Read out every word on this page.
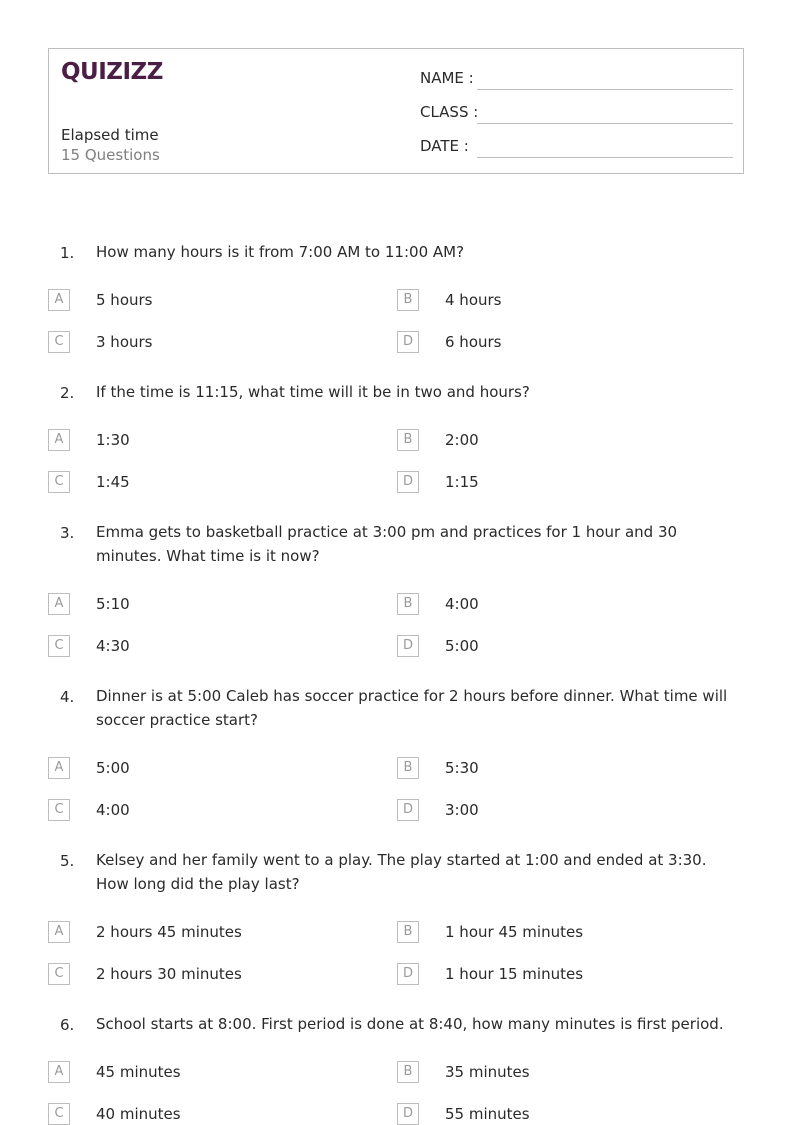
QUIZIZZ
Elapsed time
15 Questions
NAME :
CLASS :
DATE :
1. How many hours is it from 7:00 AM to 11:00 AM?
A	5 hours	B	4 hours
C	3 hours	D	6 hours
2. If the time is 11:15, what time will it be in two and hours?
A	1:30	B	2:00
C	1:45	D	1:15
3. Emma gets to basketball practice at 3:00 pm and practices for 1 hour and 30 minutes. What time is it now?
A	5:10	B	4:00
C	4:30	D	5:00
4. Dinner is at 5:00 Caleb has soccer practice for 2 hours before dinner. What time will soccer practice start?
A	5:00	B	5:30
C	4:00	D	3:00
5. Kelsey and her family went to a play. The play started at 1:00 and ended at 3:30. How long did the play last?
A	2 hours 45 minutes	B	1 hour 45 minutes
C	2 hours 30 minutes	D	1 hour 15 minutes
6. School starts at 8:00. First period is done at 8:40, how many minutes is first period.
A	45 minutes	B	35 minutes
C	40 minutes	D	55 minutes
